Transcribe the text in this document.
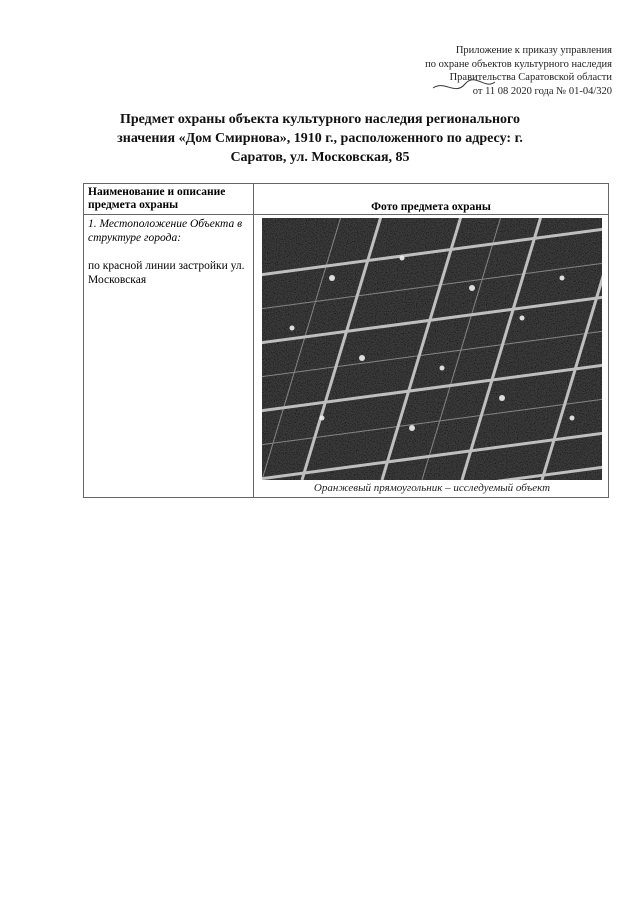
Приложение к приказу управления
по охране объектов культурного наследия
Правительства Саратовской области
от 11 08 2020 года № 01-04/320
Предмет охраны объекта культурного наследия регионального значения «Дом Смирнова», 1910 г., расположенного по адресу: г. Саратов, ул. Московская, 85
Наименование и описание предмета охраны	Фото предмета охраны

1. Местоположение Объекта в структуре города:
по красной линии застройки ул. Московская	Оранжевый прямоугольник – исследуемый объект
